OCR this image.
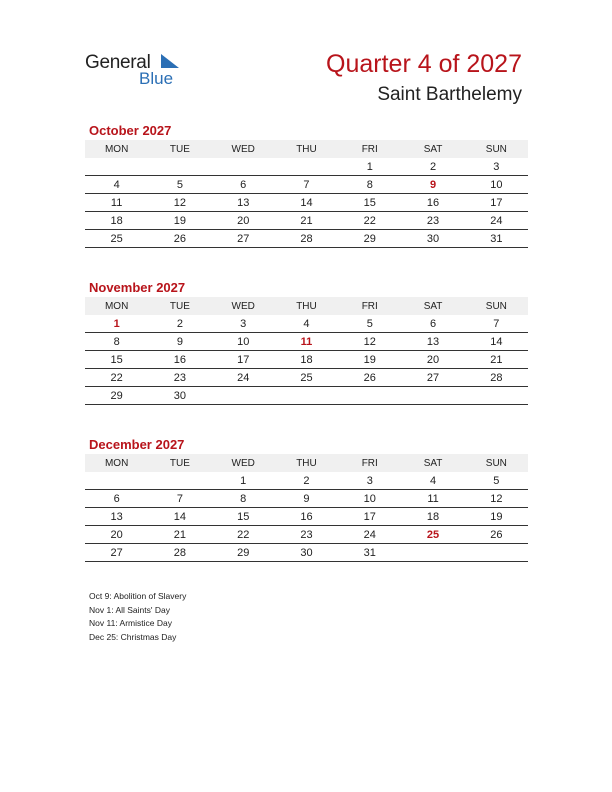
General
Blue
Quarter 4 of 2027
Saint Barthelemy
October 2027
MON	TUE	WED	THU	FRI	SAT	SUN
				1	2	3
4	5	6	7	8	9	10
11	12	13	14	15	16	17
18	19	20	21	22	23	24
25	26	27	28	29	30	31
November 2027
MON	TUE	WED	THU	FRI	SAT	SUN
1	2	3	4	5	6	7
8	9	10	11	12	13	14
15	16	17	18	19	20	21
22	23	24	25	26	27	28
29	30					
December 2027
MON	TUE	WED	THU	FRI	SAT	SUN
		1	2	3	4	5
6	7	8	9	10	11	12
13	14	15	16	17	18	19
20	21	22	23	24	25	26
27	28	29	30	31		
Oct 9: Abolition of Slavery
Nov 1: All Saints' Day
Nov 11: Armistice Day
Dec 25: Christmas Day
